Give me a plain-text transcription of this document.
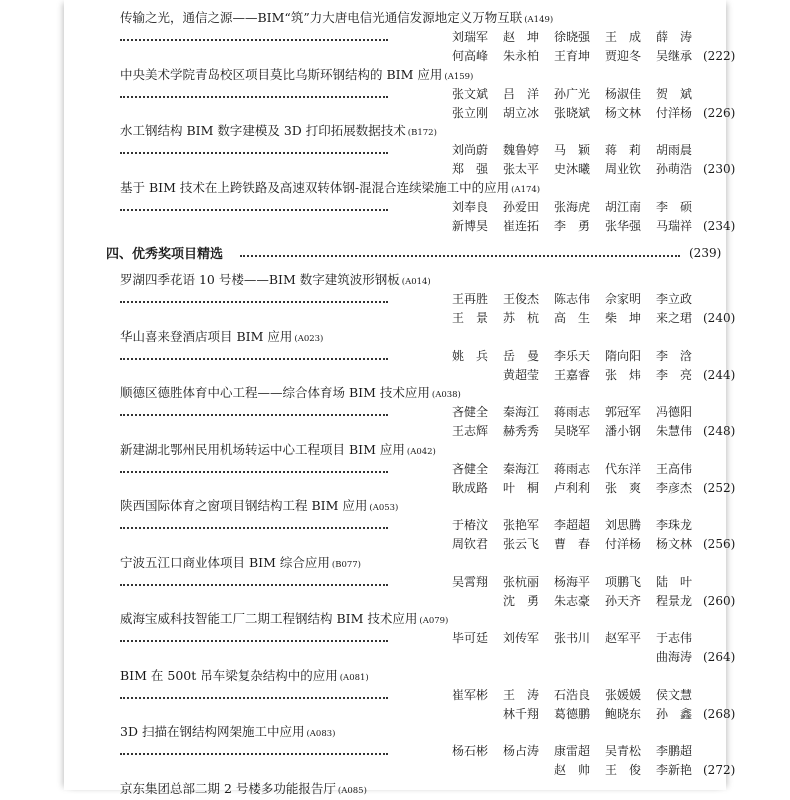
传输之光，通信之源——BIM“筑”力大唐电信光通信发源地定义万物互联 (A149)
刘瑞军	赵　坤	徐晓强	王　成	薛　涛
何高峰	朱永柏	王育坤	贾迎冬	吴继承 (222)
中央美术学院青岛校区项目莫比乌斯环钢结构的 BIM 应用 (A159)
张文斌	吕　洋	孙广光	杨淑佳	贺　斌
张立刚	胡立冰	张晓斌	杨文林	付洋杨 (226)
水工钢结构 BIM 数字建模及 3D 打印拓展数据技术 (B172)
刘尚蔚	魏鲁婷	马　颖	蒋　莉	胡雨晨
郑　强	张太平	史沐曦	周业钦	孙萌浩 (230)
基于 BIM 技术在上跨铁路及高速双转体钢-混混合连续梁施工中的应用 (A174)
刘奉良	孙爱田	张海虎	胡江南	李　硕
新博昊	崔连拓	李　勇	张华强	马瑞祥 (234)
四、优秀奖项目精选	(239)
罗湖四季花语 10 号楼——BIM 数字建筑波形钢板 (A014)
王再胜	王俊杰	陈志伟	佘家明	李立政
王　景	苏　杭	高　生	柴　坤	来之珺 (240)
华山喜来登酒店项目 BIM 应用 (A023)
姚　兵	岳　曼	李乐天	隋向阳	李　浛
黄超莹	王嘉睿	张　炜	李　亮 (244)
顺德区德胜体育中心工程——综合体育场 BIM 技术应用 (A038)
吝健全	秦海江	蒋雨志	郭冠军	冯德阳
王志辉	赫秀秀	吴晓军	潘小钢	朱慧伟 (248)
新建湖北鄂州民用机场转运中心工程项目 BIM 应用 (A042)
吝健全	秦海江	蒋雨志	代东洋	王高伟
耿成路	叶　桐	卢利利	张　爽	李彦杰 (252)
陕西国际体育之窗项目钢结构工程 BIM 应用 (A053)
于椿汶	张艳军	李超超	刘思腾	李珠龙
周钦君	张云飞	曹　春	付洋杨	杨文林 (256)
宁波五江口商业体项目 BIM 综合应用 (B077)
吴霄翔	张杭丽	杨海平	项鹏飞	陆　叶
沈　勇	朱志豪	孙天齐	程景龙 (260)
威海宝威科技智能工厂二期工程钢结构 BIM 技术应用 (A079)
毕可廷	刘传军	张书川	赵军平	于志伟
曲海涛 (264)
BIM 在 500t 吊车梁复杂结构中的应用 (A081)
崔军彬	王　涛	石浩良	张媛媛	侯文慧
林千翔	葛德鹏	鲍晓东	孙　鑫 (268)
3D 扫描在钢结构网架施工中应用 (A083)
杨石彬	杨占涛	康雷超	吴青松	李鹏超
赵　帅	王　俊	李新艳 (272)
京东集团总部二期 2 号楼多功能报告厅 (A085)
